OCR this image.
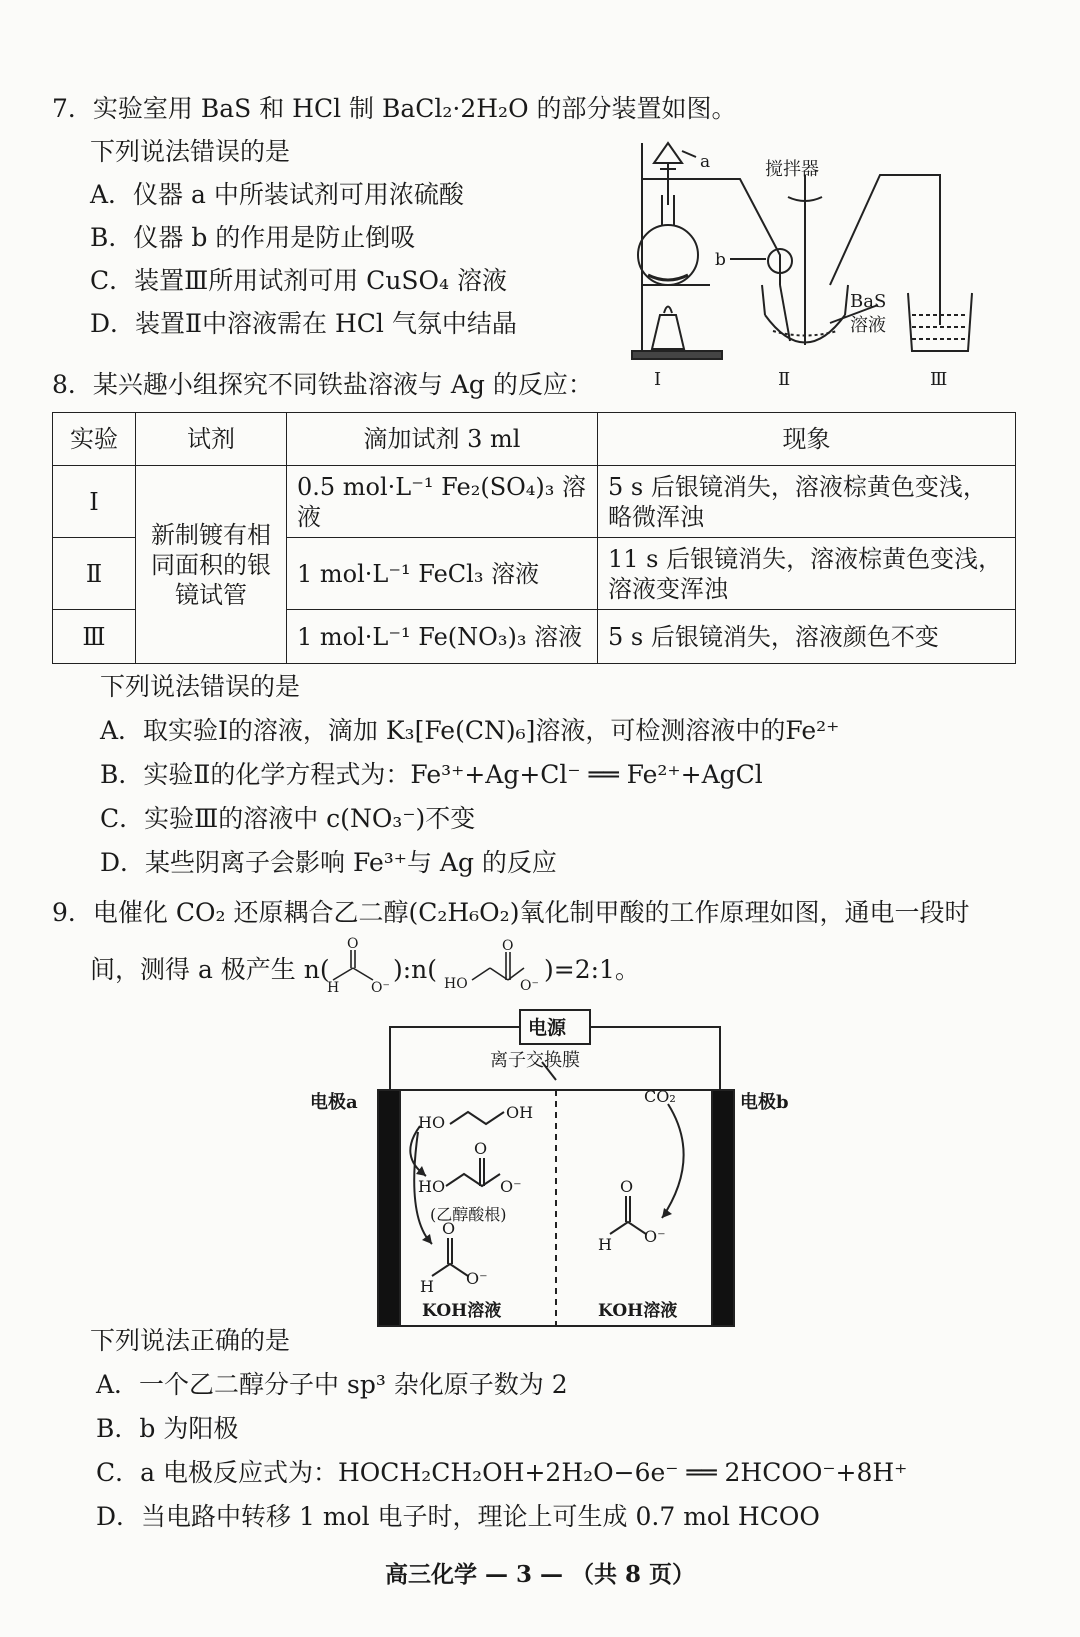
7．实验室用 BaS 和 HCl 制 BaCl₂·2H₂O 的部分装置如图。
下列说法错误的是
A．仪器 a 中所装试剂可用浓硫酸
B．仪器 b 的作用是防止倒吸
C．装置Ⅲ所用试剂可用 CuSO₄ 溶液
D．装置Ⅱ中溶液需在 HCl 气氛中结晶
a
b
搅拌器
BaS
溶液
Ⅰ	Ⅱ	Ⅲ
8．某兴趣小组探究不同铁盐溶液与 Ag 的反应：
实验	试剂	滴加试剂 3 ml	现象
Ⅰ	新制镀有相同面积的银镜试管	0.5 mol·L⁻¹ Fe₂(SO₄)₃ 溶液	5 s 后银镜消失，溶液棕黄色变浅，略微浑浊
Ⅱ		1 mol·L⁻¹ FeCl₃ 溶液	11 s 后银镜消失，溶液棕黄色变浅，溶液变浑浊
Ⅲ		1 mol·L⁻¹ Fe(NO₃)₃ 溶液	5 s 后银镜消失，溶液颜色不变
下列说法错误的是
A．取实验Ⅰ的溶液，滴加 K₃[Fe(CN)₆]溶液，可检测溶液中的Fe²⁺
B．实验Ⅱ的化学方程式为：Fe³⁺+Ag+Cl⁻ ══ Fe²⁺+AgCl
C．实验Ⅲ的溶液中 c(NO₃⁻)不变
D．某些阴离子会影响 Fe³⁺与 Ag 的反应
9．电催化 CO₂ 还原耦合乙二醇(C₂H₆O₂)氧化制甲酸的工作原理如图，通电一段时
间，测得 a 极产生 n(
O
H O⁻
):n(
O
HO	O⁻
)=2:1。
电源
离子交换膜
电极a	电极b
HO
OH
O
HO	O⁻
(乙醇酸根)
O
H O⁻
KOH溶液
CO₂
O
H O⁻
KOH溶液
下列说法正确的是
A．一个乙二醇分子中 sp³ 杂化原子数为 2
B．b 为阳极
C．a 电极反应式为：HOCH₂CH₂OH+2H₂O−6e⁻ ══ 2HCOO⁻+8H⁺
D．当电路中转移 1 mol 电子时，理论上可生成 0.7 mol HCOO
高三化学 — 3 — （共 8 页）
